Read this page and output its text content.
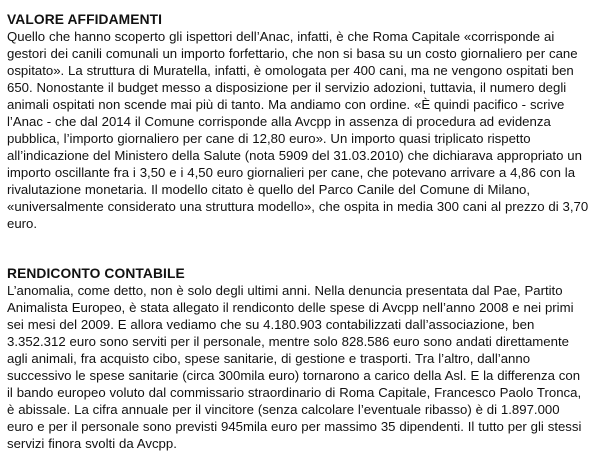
VALORE AFFIDAMENTI

Quello che hanno scoperto gli ispettori dell’Anac, infatti, è che Roma Capitale «corrisponde ai gestori dei canili comunali un importo forfettario, che non si basa su un costo giornaliero per cane ospitato». La struttura di Muratella, infatti, è omologata per 400 cani, ma ne vengono ospitati ben 650. Nonostante il budget messo a disposizione per il servizio adozioni, tuttavia, il numero degli animali ospitati non scende mai più di tanto. Ma andiamo con ordine. «È quindi pacifico - scrive l’Anac - che dal 2014 il Comune corrisponde alla Avcpp in assenza di procedura ad evidenza pubblica, l’importo giornaliero per cane di 12,80 euro». Un importo quasi triplicato rispetto all’indicazione del Ministero della Salute (nota 5909 del 31.03.2010) che dichiarava appropriato un importo oscillante fra i 3,50 e i 4,50 euro giornalieri per cane, che potevano arrivare a 4,86 con la rivalutazione monetaria. Il modello citato è quello del Parco Canile del Comune di Milano, «universalmente considerato una struttura modello», che ospita in media 300 cani al prezzo di 3,70 euro.

RENDICONTO CONTABILE

L’anomalia, come detto, non è solo degli ultimi anni. Nella denuncia presentata dal Pae, Partito Animalista Europeo, è stata allegato il rendiconto delle spese di Avcpp nell’anno 2008 e nei primi sei mesi del 2009. E allora vediamo che su 4.180.903 contabilizzati dall’associazione, ben 3.352.312 euro sono serviti per il personale, mentre solo 828.586 euro sono andati direttamente agli animali, fra acquisto cibo, spese sanitarie, di gestione e trasporti. Tra l’altro, dall’anno successivo le spese sanitarie (circa 300mila euro) tornarono a carico della Asl. E la differenza con il bando europeo voluto dal commissario straordinario di Roma Capitale, Francesco Paolo Tronca, è abissale. La cifra annuale per il vincitore (senza calcolare l’eventuale ribasso) è di 1.897.000 euro e per il personale sono previsti 945mila euro per massimo 35 dipendenti. Il tutto per gli stessi servizi finora svolti da Avcpp.
